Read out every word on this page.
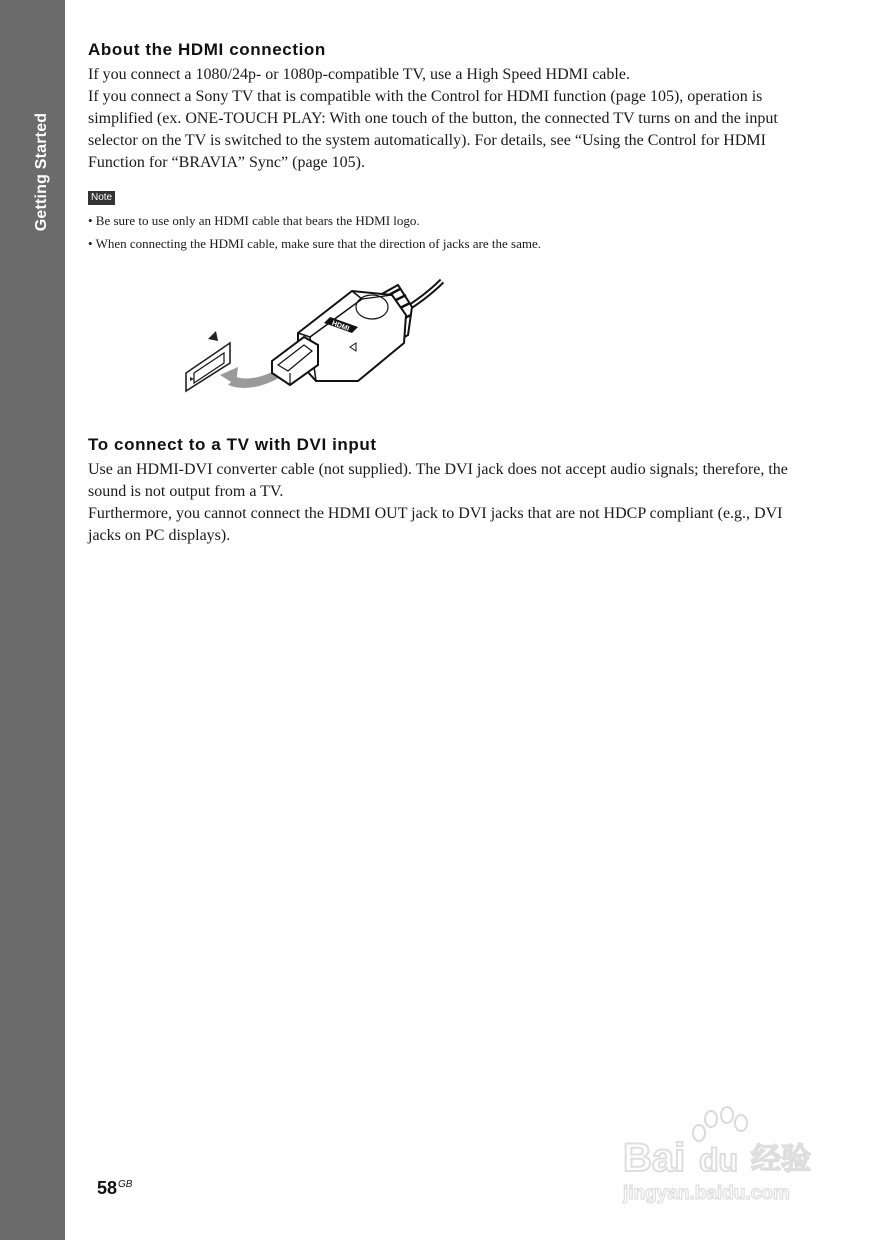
Getting Started
About the HDMI connection

If you connect a 1080/24p- or 1080p-compatible TV, use a High Speed HDMI cable.

If you connect a Sony TV that is compatible with the Control for HDMI function (page 105), operation is simplified (ex. ONE-TOUCH PLAY: With one touch of the button, the connected TV turns on and the input selector on the TV is switched to the system automatically). For details, see “Using the Control for HDMI Function for “BRAVIA” Sync” (page 105).

Note
• Be sure to use only an HDMI cable that bears the HDMI logo.
• When connecting the HDMI cable, make sure that the direction of jacks are the same.
HDMI
To connect to a TV with DVI input

Use an HDMI-DVI converter cable (not supplied). The DVI jack does not accept audio signals; therefore, the sound is not output from a TV.

Furthermore, you cannot connect the HDMI OUT jack to DVI jacks that are not HDCP compliant (e.g., DVI jacks on PC displays).

$58^{GB}$
Bai du 经验
jingyan.baidu.com
